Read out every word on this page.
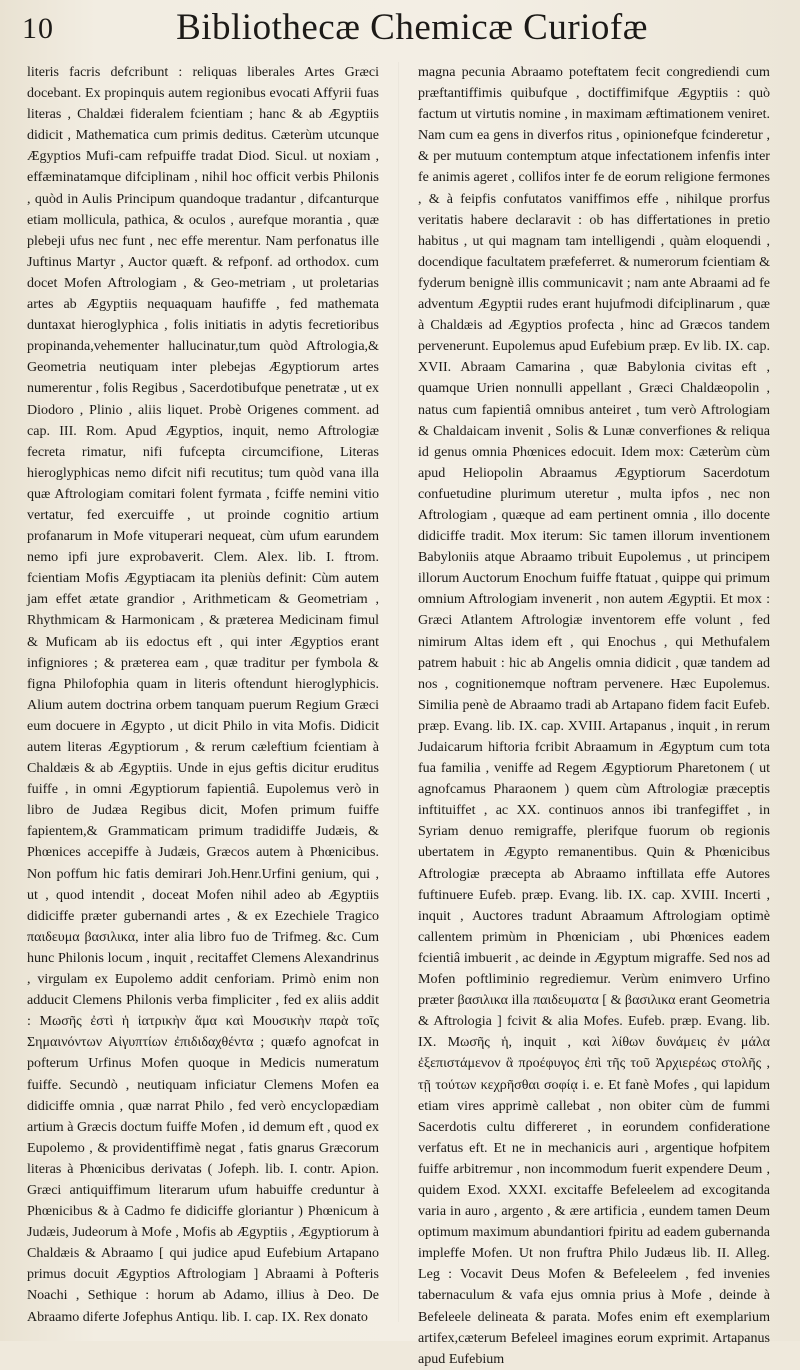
10	Bibliothecæ Chemicæ Curiofæ

literis facris defcribunt : reliquas liberales Artes Græci docebant. Ex propinquis autem regionibus evocati Affyrii fuas literas , Chaldæi fideralem fcientiam ; hanc & ab Ægyptiis didicit , Mathematica cum primis deditus. Cæterùm utcunque Ægyptios Mufi-cam refpuiffe tradat Diod. Sicul. ut noxiam , effæminatamque difciplinam , nihil hoc officit verbis Philonis , quòd in Aulis Principum quandoque tradantur , difcanturque etiam mollicula, pathica, & oculos , aurefque morantia , quæ plebeji ufus nec funt , nec effe merentur. Nam perfonatus ille Juftinus Martyr , Auctor quæft. & refponf. ad orthodox. cum docet Mofen Aftrologiam , & Geo-metriam , ut proletarias artes ab Ægyptiis nequaquam haufiffe , fed mathemata duntaxat hieroglyphica , folis initiatis in adytis fecretioribus propinanda,vehementer hallucinatur,tum quòd Aftrologia,& Geometria neutiquam inter plebejas Ægyptiorum artes numerentur , folis Regibus , Sacerdotibufque penetratæ , ut ex Diodoro , Plinio , aliis liquet. Probè Origenes comment. ad cap. III. Rom. Apud Ægyptios, inquit, nemo Aftrologiæ fecreta rimatur, nifi fufcepta circumcifione, Literas hieroglyphicas nemo difcit nifi recutitus; tum quòd vana illa quæ Aftrologiam comitari folent fyrmata , fciffe nemini vitio vertatur, fed exercuiffe , ut proinde cognitio artium profanarum in Mofe vituperari nequeat, cùm ufum earundem nemo ipfi jure exprobaverit. Clem. Alex. lib. I. ftrom. fcientiam Mofis Ægyptiacam ita pleniùs definit: Cùm autem jam effet ætate grandior , Arithmeticam & Geometriam , Rhythmicam & Harmonicam , & præterea Medicinam fimul & Muficam ab iis edoctus eft , qui inter Ægyptios erant infigniores ; & præterea eam , quæ traditur per fymbola & figna Philofophia quam in literis oftendunt hieroglyphicis. Alium autem doctrina orbem tanquam puerum Regium Græci eum docuere in Ægypto , ut dicit Philo in vita Mofis. Didicit autem literas Ægyptiorum , & rerum cæleftium fcientiam à Chaldæis & ab Ægyptiis. Unde in ejus geftis dicitur eruditus fuiffe , in omni Ægyptiorum fapientiâ. Eupolemus verò in libro de Judæa Regibus dicit, Mofen primum fuiffe fapientem,& Grammaticam primum tradidiffe Judæis, & Phœnices accepiffe à Judæis, Græcos autem à Phœnicibus. Non poffum hic fatis demirari Joh.Henr.Urfini genium, qui , ut , quod intendit , doceat Mofen nihil adeo ab Ægyptiis didiciffe præter gubernandi artes , & ex Ezechiele Tragico παιδευμα βασιλικα, inter alia libro fuo de Trifmeg. &c. Cum hunc Philonis locum , inquit , recitaffet Clemens Alexandrinus , virgulam ex Eupolemo addit cenforiam. Primò enim non adducit Clemens Philonis verba fimpliciter , fed ex aliis addit : Μωσῆς ἐστὶ ἡ ἰατρικὴν ἅμα καὶ Μουσικὴν παρὰ τοῖς Σημαινόντων Αἰγυπτίων ἐπιδιδαχθέντα ; quæfo agnofcat in pofterum Urfinus Mofen quoque in Medicis numeratum fuiffe. Secundò , neutiquam inficiatur Clemens Mofen ea didiciffe omnia , quæ narrat Philo , fed verò encyclopædiam artium à Græcis doctum fuiffe Mofen , id demum eft , quod ex Eupolemo , & providentiffimè negat , fatis gnarus Græcorum literas à Phœnicibus derivatas ( Jofeph. lib. I. contr. Apion. Græci antiquiffimum literarum ufum habuiffe creduntur à Phœnicibus & à Cadmo fe didiciffe gloriantur ) Phœnicum à Judæis, Judeorum à Mofe , Mofis ab Ægyptiis , Ægyptiorum à Chaldæis & Abraamo [ qui judice apud Eufebium Artapano primus docuit Ægyptios Aftrologiam ] Abraami à Pofteris Noachi , Sethique : horum ab Adamo, illius à Deo. De Abraamo diferte Jofephus Antiqu. lib. I. cap. IX. Rex donato

magna pecunia Abraamo poteftatem fecit congrediendi cum præftantiffimis quibufque , doctiffimifque Ægyptiis : quò factum ut virtutis nomine , in maximam æftimationem veniret. Nam cum ea gens in diverfos ritus , opinionefque fcinderetur , & per mutuum contemptum atque infectationem infenfis inter fe animis ageret , collifos inter fe de eorum religione fermones , & à feipfis confutatos vaniffimos effe , nihilque prorfus veritatis habere declaravit : ob has differtationes in pretio habitus , ut qui magnam tam intelligendi , quàm eloquendi , docendique facultatem præfeferret. & numerorum fcientiam & fyderum benignè illis communicavit ; nam ante Abraami ad fe adventum Ægyptii rudes erant hujufmodi difciplinarum , quæ à Chaldæis ad Ægyptios profecta , hinc ad Græcos tandem pervenerunt. Eupolemus apud Eufebium præp. Ev lib. IX. cap. XVII. Abraam Camarina , quæ Babylonia civitas eft , quamque Urien nonnulli appellant , Græci Chaldæopolin , natus cum fapientiâ omnibus anteiret , tum verò Aftrologiam & Chaldaicam invenit , Solis & Lunæ converfiones & reliqua id genus omnia Phœnices edocuit. Idem mox: Cæterùm cùm apud Heliopolin Abraamus Ægyptiorum Sacerdotum confuetudine plurimum uteretur , multa ipfos , nec non Aftrologiam , quæque ad eam pertinent omnia , illo docente didiciffe tradit. Mox iterum: Sic tamen illorum inventionem Babyloniis atque Abraamo tribuit Eupolemus , ut principem illorum Auctorum Enochum fuiffe ftatuat , quippe qui primum omnium Aftrologiam invenerit , non autem Ægyptii. Et mox : Græci Atlantem Aftrologiæ inventorem effe volunt , fed nimirum Altas idem eft , qui Enochus , qui Methufalem patrem habuit : hic ab Angelis omnia didicit , quæ tandem ad nos , cognitionemque noftram pervenere. Hæc Eupolemus. Similia penè de Abraamo tradi ab Artapano fidem facit Eufeb. præp. Evang. lib. IX. cap. XVIII. Artapanus , inquit , in rerum Judaicarum hiftoria fcribit Abraamum in Ægyptum cum tota fua familia , veniffe ad Regem Ægyptiorum Pharetonem ( ut agnofcamus Pharaonem ) quem cùm Aftrologiæ præceptis inftituiffet , ac XX. continuos annos ibi tranfegiffet , in Syriam denuo remigraffe, plerifque fuorum ob regionis ubertatem in Ægypto remanentibus. Quin & Phœnicibus Aftrologiæ præcepta ab Abraamo inftillata effe Autores fuftinuere Eufeb. præp. Evang. lib. IX. cap. XVIII. Incerti , inquit , Auctores tradunt Abraamum Aftrologiam optimè callentem primùm in Phœniciam , ubi Phœnices eadem fcientiâ imbuerit , ac deinde in Ægyptum migraffe. Sed nos ad Mofen poftliminio regrediemur. Verùm enimvero Urfino præter βασιλικα illa παιδευματα [ & βασιλικα erant Geometria & Aftrologia ] fcivit & alia Mofes. Eufeb. præp. Evang. lib. IX. Μωσῆς ἡ, inquit , καὶ λίθων δυνάμεις ἐν μάλα ἐξεπιστάμενον ἃ προέφυγος ἐπὶ τῆς τοῦ Ἀρχιερέως στολῆς , τῇ τούτων κεχρῆσθαι σοφίᾳ i. e. Et fanè Mofes , qui lapidum etiam vires apprimè callebat , non obiter cùm de fummi Sacerdotis cultu differeret , in eorundem confideratione verfatus eft. Et ne in mechanicis auri , argentique hofpitem fuiffe arbitremur , non incommodum fuerit expendere Deum , quidem Exod. XXXI. excitaffe Befeleelem ad excogitanda varia in auro , argento , & ære artificia , eundem tamen Deum optimum maximum abundantiori fpiritu ad eadem gubernanda impleffe Mofen. Ut non fruftra Philo Judæus lib. II. Alleg. Leg : Vocavit Deus Mofen & Befeleelem , fed invenies tabernaculum & vafa ejus omnia prius à Mofe , deinde à Befeleele delineata & parata. Mofes enim eft exemplarium artifex,cæterum Befeleel imagines eorum exprimit. Artapanus apud Eufebium
